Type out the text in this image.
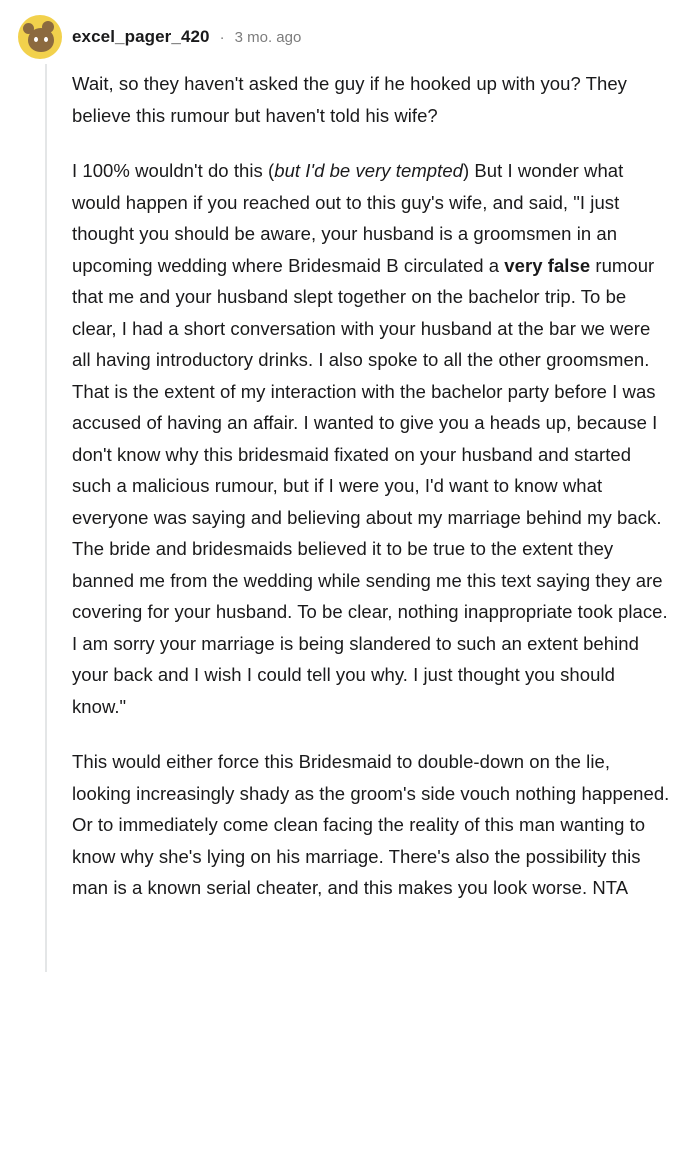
excel_pager_420 · 3 mo. ago

Wait, so they haven't asked the guy if he hooked up with you? They believe this rumour but haven't told his wife?

I 100% wouldn't do this (but I'd be very tempted) But I wonder what would happen if you reached out to this guy's wife, and said, "I just thought you should be aware, your husband is a groomsmen in an upcoming wedding where Bridesmaid B circulated a very false rumour that me and your husband slept together on the bachelor trip. To be clear, I had a short conversation with your husband at the bar we were all having introductory drinks. I also spoke to all the other groomsmen. That is the extent of my interaction with the bachelor party before I was accused of having an affair. I wanted to give you a heads up, because I don't know why this bridesmaid fixated on your husband and started such a malicious rumour, but if I were you, I'd want to know what everyone was saying and believing about my marriage behind my back. The bride and bridesmaids believed it to be true to the extent they banned me from the wedding while sending me this text saying they are covering for your husband. To be clear, nothing inappropriate took place. I am sorry your marriage is being slandered to such an extent behind your back and I wish I could tell you why. I just thought you should know."

This would either force this Bridesmaid to double-down on the lie, looking increasingly shady as the groom's side vouch nothing happened. Or to immediately come clean facing the reality of this man wanting to know why she's lying on his marriage. There's also the possibility this man is a known serial cheater, and this makes you look worse. NTA
